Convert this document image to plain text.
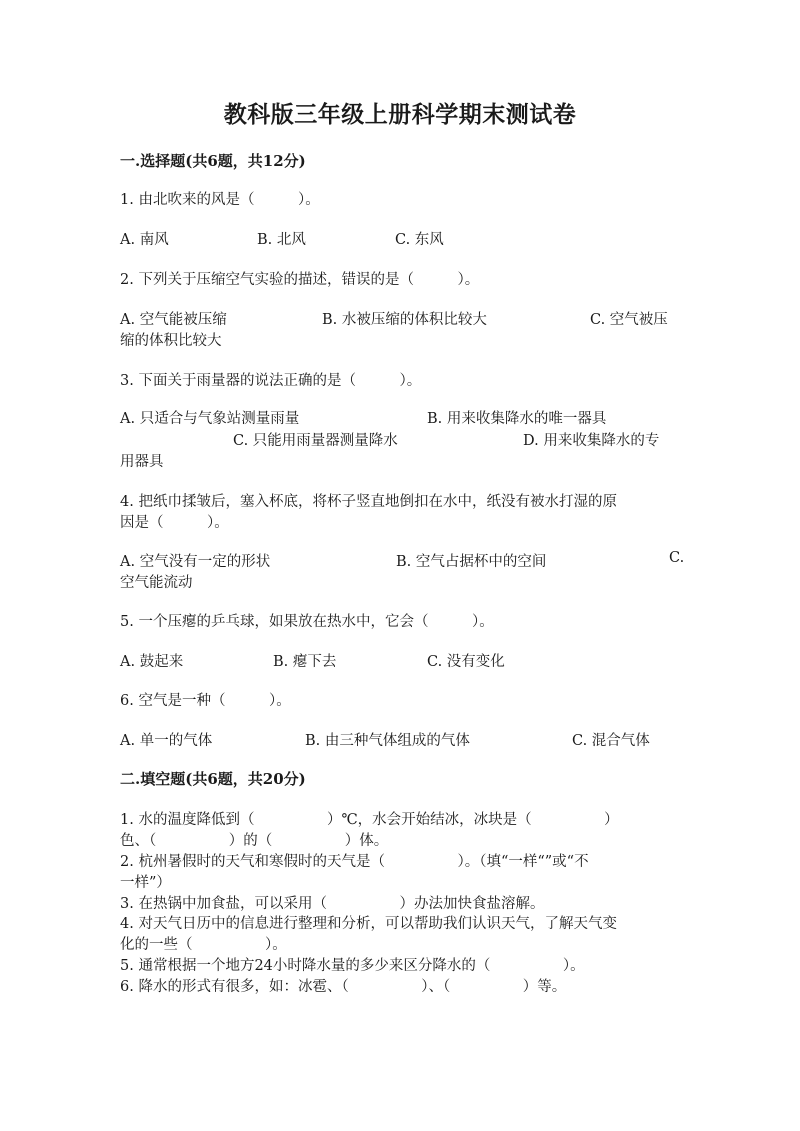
教科版三年级上册科学期末测试卷
一.选择题(共6题，共12分)
1. 由北吹来的风是（　　　）。
A. 南风	B. 北风	C. 东风
2. 下列关于压缩空气实验的描述，错误的是（　　　）。
A. 空气能被压缩	B. 水被压缩的体积比较大	C. 空气被压
缩的体积比较大
3. 下面关于雨量器的说法正确的是（　　　）。
A. 只适合与气象站测量雨量	B. 用来收集降水的唯一器具
C. 只能用雨量器测量降水	D. 用来收集降水的专
用器具
4. 把纸巾揉皱后，塞入杯底，将杯子竖直地倒扣在水中，纸没有被水打湿的原
因是（　　　）。
A. 空气没有一定的形状	B. 空气占据杯中的空间	C.
空气能流动
5. 一个压瘪的乒乓球，如果放在热水中，它会（　　　）。
A. 鼓起来	B. 瘪下去	C. 没有变化
6. 空气是一种（　　　）。
A. 单一的气体	B. 由三种气体组成的气体	C. 混合气体
二.填空题(共6题，共20分)
1. 水的温度降低到（　　　　　）℃，水会开始结冰，冰块是（　　　　　）
色、（　　　　　）的（　　　　　）体。
2. 杭州暑假时的天气和寒假时的天气是（　　　　　）。（填“一样“”或“不
一样”）
3. 在热锅中加食盐，可以采用（　　　　　）办法加快食盐溶解。
4. 对天气日历中的信息进行整理和分析，可以帮助我们认识天气，了解天气变
化的一些（　　　　　）。
5. 通常根据一个地方24小时降水量的多少来区分降水的（　　　　　）。
6. 降水的形式有很多，如：冰雹、（　　　　　）、（　　　　　）等。
